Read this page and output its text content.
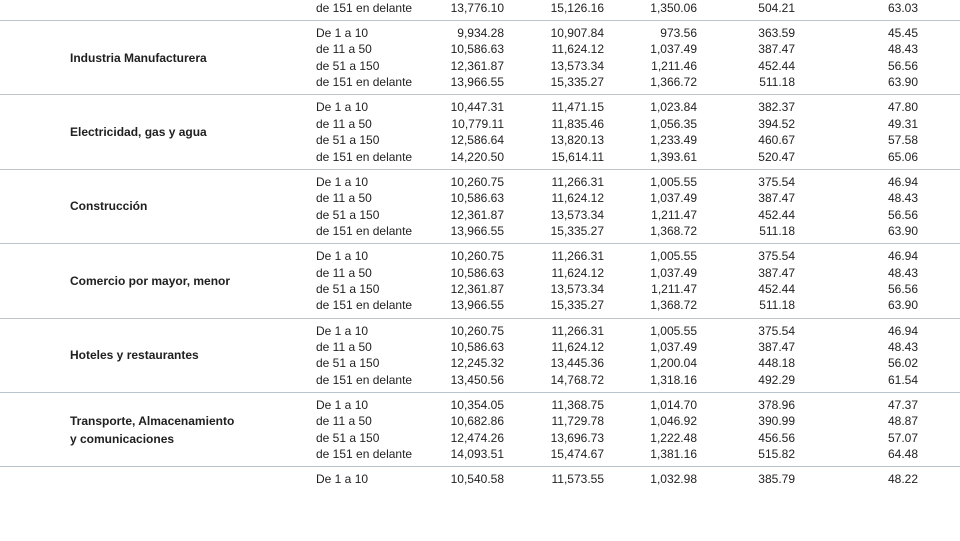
de 151 en delante	13,776.10	15,126.16	1,350.06	504.21	63.03
Industria Manufacturera
De 1 a 10	9,934.28	10,907.84	973.56	363.59	45.45
de 11 a 50	10,586.63	11,624.12	1,037.49	387.47	48.43
de 51 a 150	12,361.87	13,573.34	1,211.46	452.44	56.56
de 151 en delante	13,966.55	15,335.27	1,366.72	511.18	63.90
Electricidad, gas y agua
De 1 a 10	10,447.31	11,471.15	1,023.84	382.37	47.80
de 11 a 50	10,779.11	11,835.46	1,056.35	394.52	49.31
de 51 a 150	12,586.64	13,820.13	1,233.49	460.67	57.58
de 151 en delante	14,220.50	15,614.11	1,393.61	520.47	65.06
Construcción
De 1 a 10	10,260.75	11,266.31	1,005.55	375.54	46.94
de 11 a 50	10,586.63	11,624.12	1,037.49	387.47	48.43
de 51 a 150	12,361.87	13,573.34	1,211.47	452.44	56.56
de 151 en delante	13,966.55	15,335.27	1,368.72	511.18	63.90
Comercio por mayor, menor
De 1 a 10	10,260.75	11,266.31	1,005.55	375.54	46.94
de 11 a 50	10,586.63	11,624.12	1,037.49	387.47	48.43
de 51 a 150	12,361.87	13,573.34	1,211.47	452.44	56.56
de 151 en delante	13,966.55	15,335.27	1,368.72	511.18	63.90
Hoteles y restaurantes
De 1 a 10	10,260.75	11,266.31	1,005.55	375.54	46.94
de 11 a 50	10,586.63	11,624.12	1,037.49	387.47	48.43
de 51 a 150	12,245.32	13,445.36	1,200.04	448.18	56.02
de 151 en delante	13,450.56	14,768.72	1,318.16	492.29	61.54
Transporte, Almacenamiento
y comunicaciones
De 1 a 10	10,354.05	11,368.75	1,014.70	378.96	47.37
de 11 a 50	10,682.86	11,729.78	1,046.92	390.99	48.87
de 51 a 150	12,474.26	13,696.73	1,222.48	456.56	57.07
de 151 en delante	14,093.51	15,474.67	1,381.16	515.82	64.48
De 1 a 10	10,540.58	11,573.55	1,032.98	385.79	48.22
